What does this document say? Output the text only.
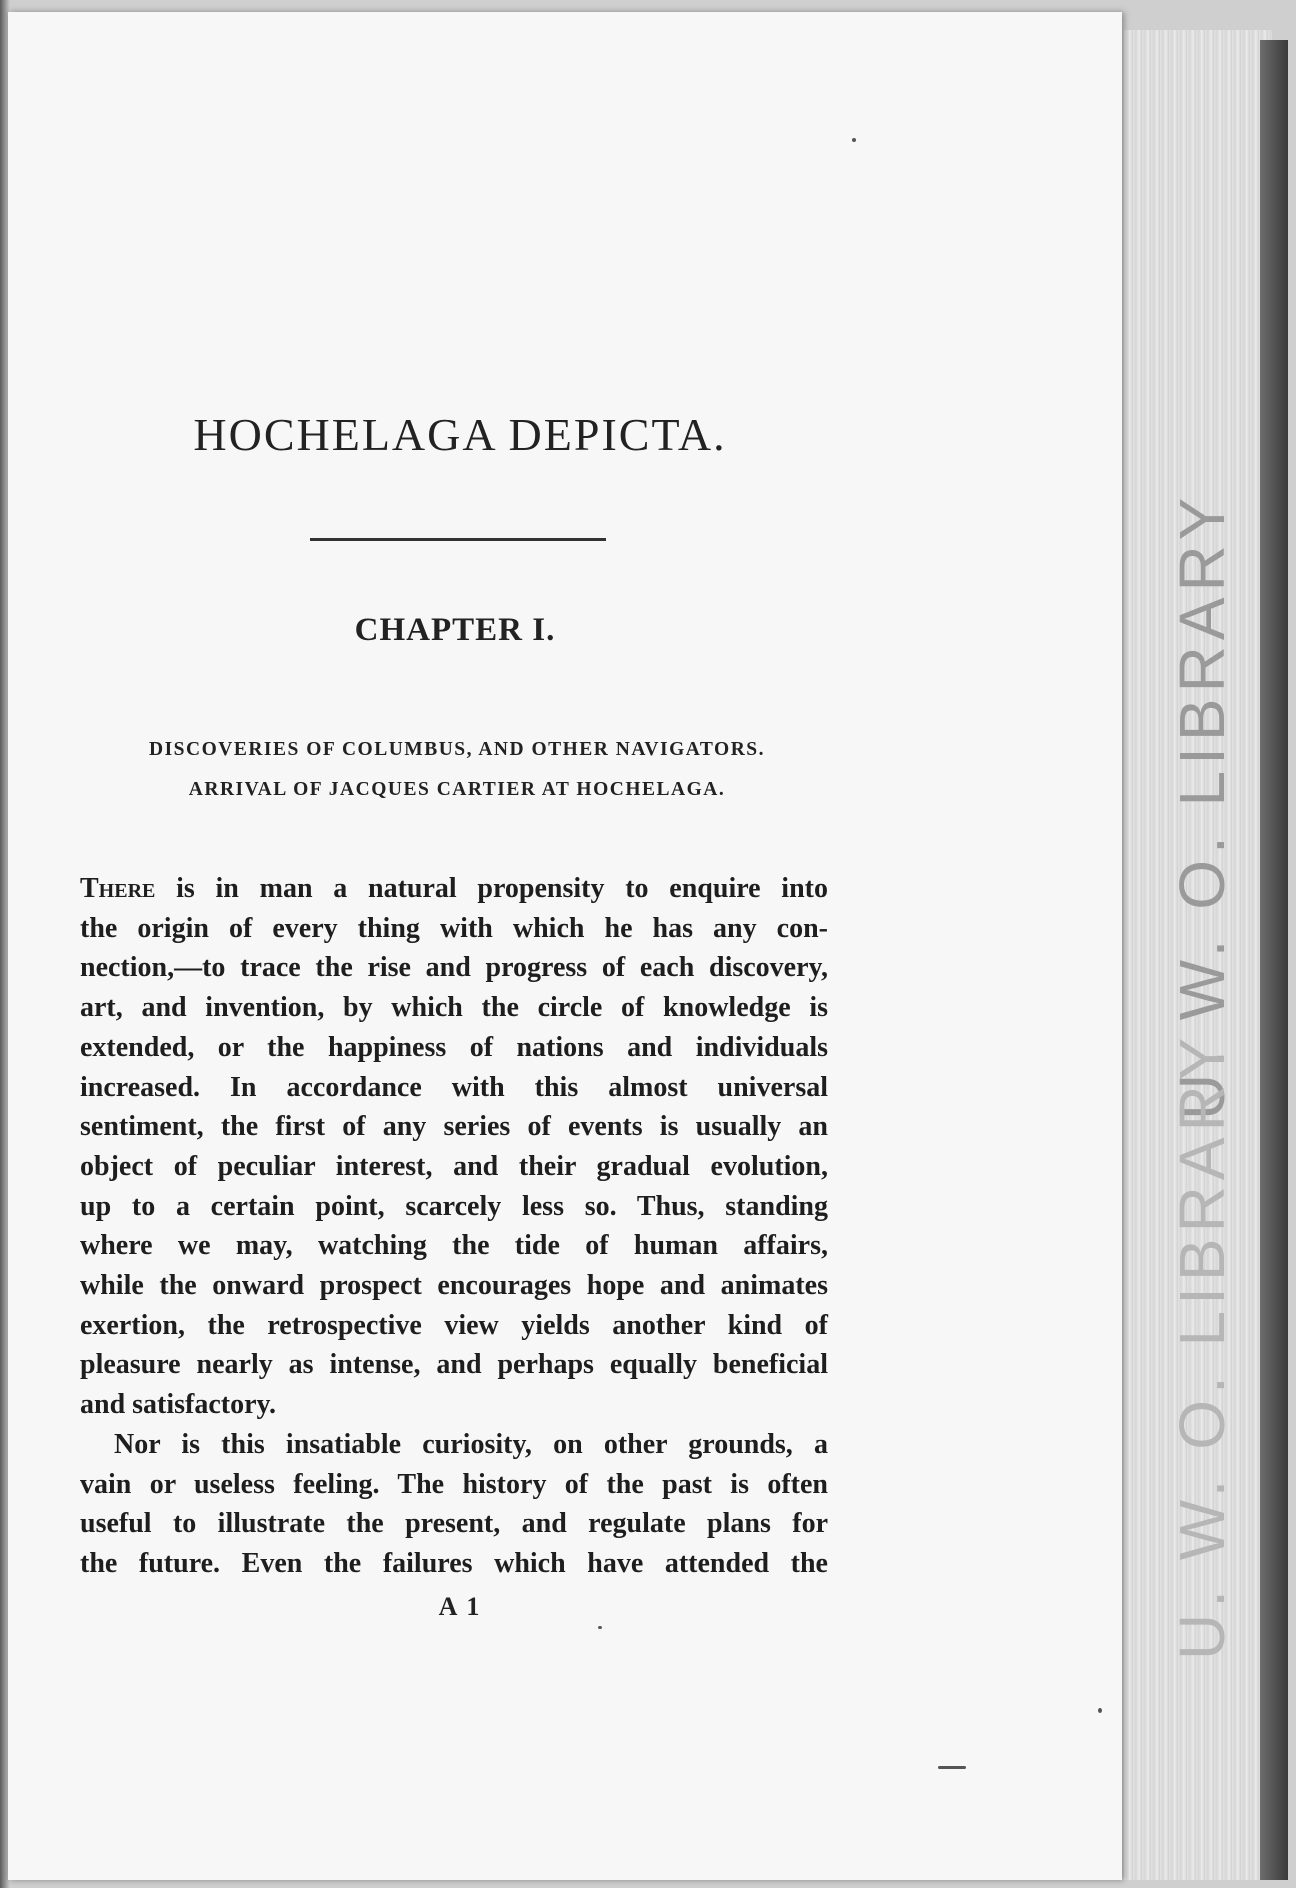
U. W. O. LIBRARY
U. W. O. LIBRARY
HOCHELAGA DEPICTA.
CHAPTER I.
DISCOVERIES OF COLUMBUS, AND OTHER NAVIGATORS.
ARRIVAL OF JACQUES CARTIER AT HOCHELAGA.
There is in man a natural propensity to enquire into
the origin of every thing with which he has any con-
nection,—to trace the rise and progress of each discovery,
art, and invention, by which the circle of knowledge is
extended, or the happiness of nations and individuals
increased. In accordance with this almost universal
sentiment, the first of any series of events is usually an
object of peculiar interest, and their gradual evolution,
up to a certain point, scarcely less so. Thus, standing
where we may, watching the tide of human affairs,
while the onward prospect encourages hope and animates
exertion, the retrospective view yields another kind of
pleasure nearly as intense, and perhaps equally beneficial
and satisfactory.
Nor is this insatiable curiosity, on other grounds, a
vain or useless feeling. The history of the past is often
useful to illustrate the present, and regulate plans for
the future. Even the failures which have attended the
A 1
